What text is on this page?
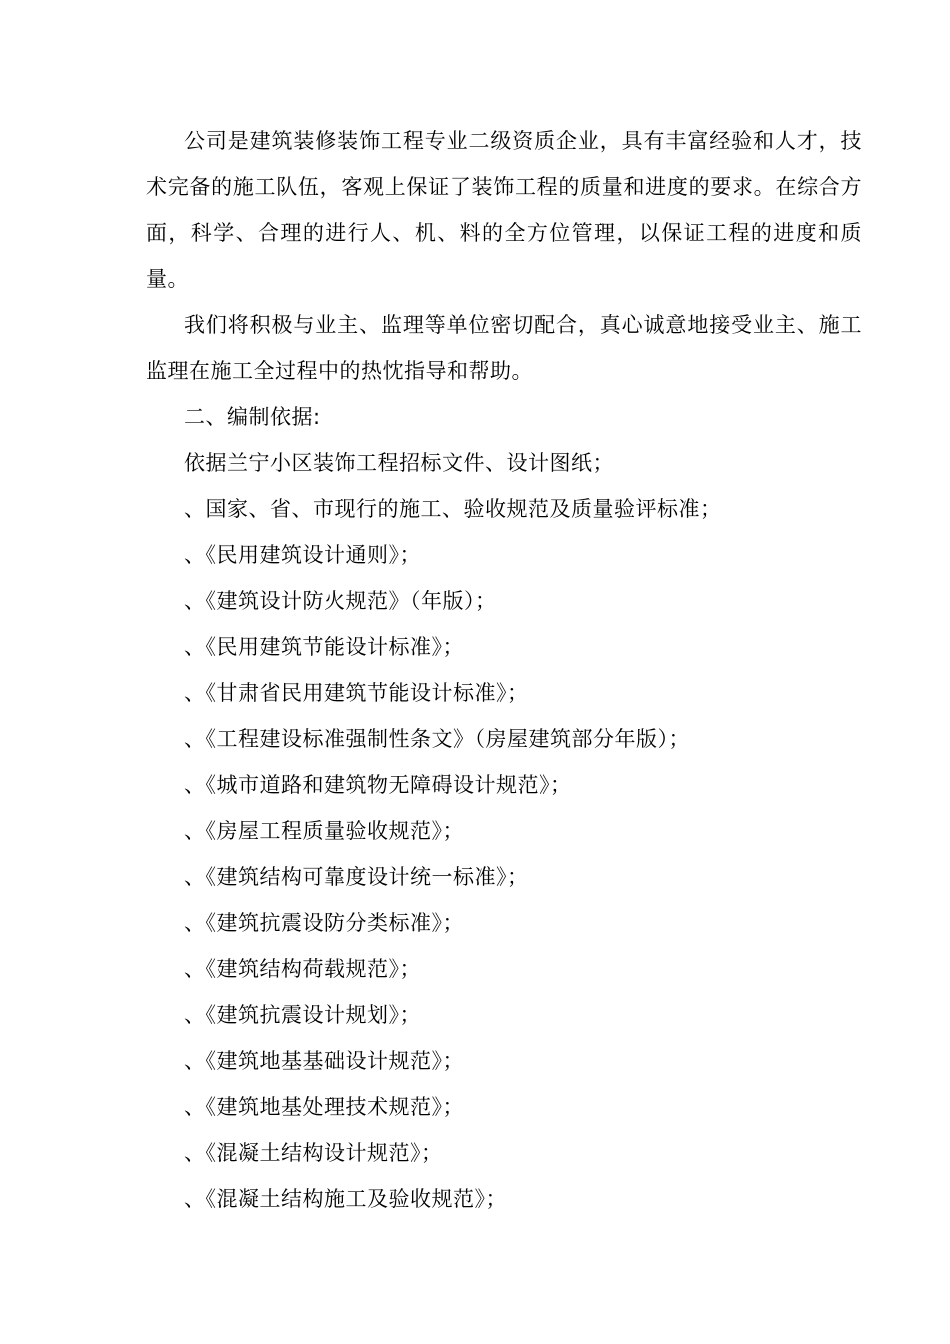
公司是建筑装修装饰工程专业二级资质企业，具有丰富经验和人才，技术完备的施工队伍，客观上保证了装饰工程的质量和进度的要求。在综合方面，科学、合理的进行人、机、料的全方位管理，以保证工程的进度和质量。

我们将积极与业主、监理等单位密切配合，真心诚意地接受业主、施工监理在施工全过程中的热忱指导和帮助。

二、编制依据:

依据兰宁小区装饰工程招标文件、设计图纸；

、国家、省、市现行的施工、验收规范及质量验评标准；

、《民用建筑设计通则》；

、《建筑设计防火规范》（年版）；

、《民用建筑节能设计标准》；

、《甘肃省民用建筑节能设计标准》；

、《工程建设标准强制性条文》（房屋建筑部分年版）；

、《城市道路和建筑物无障碍设计规范》；

、《房屋工程质量验收规范》；

、《建筑结构可靠度设计统一标准》；

、《建筑抗震设防分类标准》；

、《建筑结构荷载规范》；

、《建筑抗震设计规划》；

、《建筑地基基础设计规范》；

、《建筑地基处理技术规范》；

、《混凝土结构设计规范》；

、《混凝土结构施工及验收规范》；
